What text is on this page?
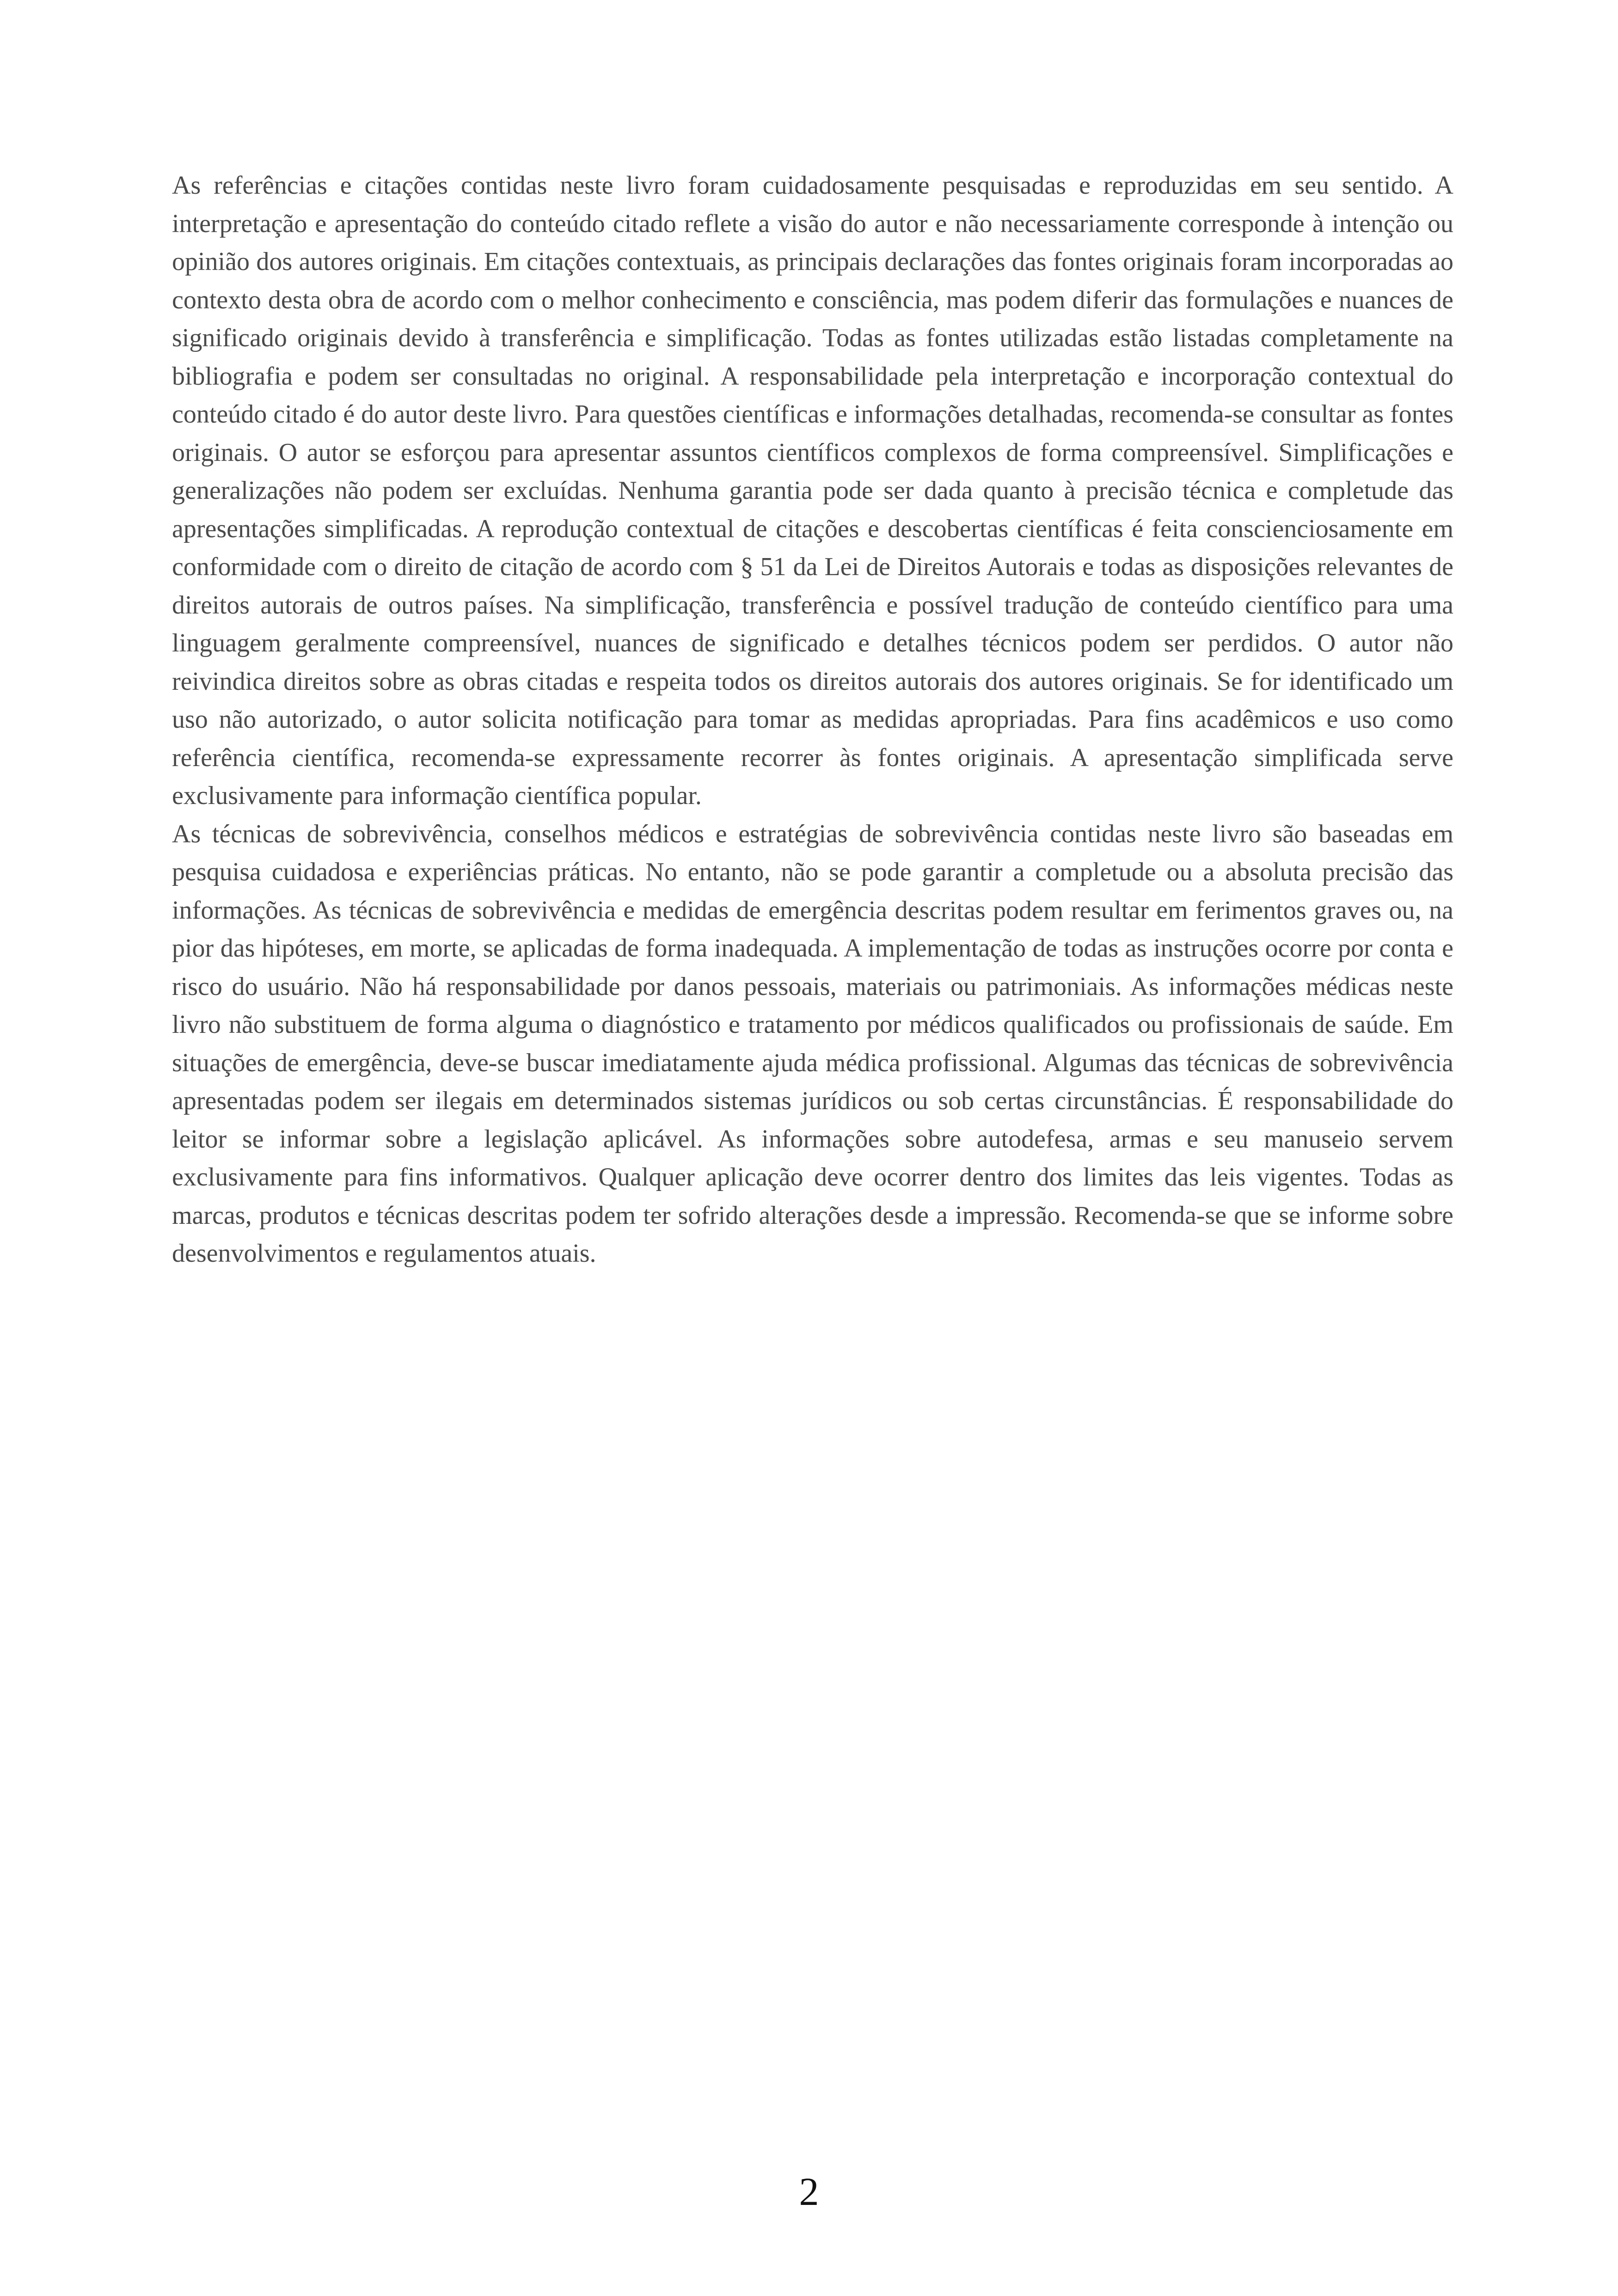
As referências e citações contidas neste livro foram cuidadosamente pesquisadas e reproduzidas em seu sentido. A interpretação e apresentação do conteúdo citado reflete a visão do autor e não necessariamente corresponde à intenção ou opinião dos autores originais. Em citações contextuais, as principais declarações das fontes originais foram incorporadas ao contexto desta obra de acordo com o melhor conhecimento e consciência, mas podem diferir das formulações e nuances de significado originais devido à transferência e simplificação. Todas as fontes utilizadas estão listadas completamente na bibliografia e podem ser consultadas no original. A responsabilidade pela interpretação e incorporação contextual do conteúdo citado é do autor deste livro. Para questões científicas e informações detalhadas, recomenda-se consultar as fontes originais. O autor se esforçou para apresentar assuntos científicos complexos de forma compreensível. Simplificações e generalizações não podem ser excluídas. Nenhuma garantia pode ser dada quanto à precisão técnica e completude das apresentações simplificadas. A reprodução contextual de citações e descobertas científicas é feita conscienciosamente em conformidade com o direito de citação de acordo com § 51 da Lei de Direitos Autorais e todas as disposições relevantes de direitos autorais de outros países. Na simplificação, transferência e possível tradução de conteúdo científico para uma linguagem geralmente compreensível, nuances de significado e detalhes técnicos podem ser perdidos. O autor não reivindica direitos sobre as obras citadas e respeita todos os direitos autorais dos autores originais. Se for identificado um uso não autorizado, o autor solicita notificação para tomar as medidas apropriadas. Para fins acadêmicos e uso como referência científica, recomenda-se expressamente recorrer às fontes originais. A apresentação simplificada serve exclusivamente para informação científica popular.

As técnicas de sobrevivência, conselhos médicos e estratégias de sobrevivência contidas neste livro são baseadas em pesquisa cuidadosa e experiências práticas. No entanto, não se pode garantir a completude ou a absoluta precisão das informações. As técnicas de sobrevivência e medidas de emergência descritas podem resultar em ferimentos graves ou, na pior das hipóteses, em morte, se aplicadas de forma inadequada. A implementação de todas as instruções ocorre por conta e risco do usuário. Não há responsabilidade por danos pessoais, materiais ou patrimoniais. As informações médicas neste livro não substituem de forma alguma o diagnóstico e tratamento por médicos qualificados ou profissionais de saúde. Em situações de emergência, deve-se buscar imediatamente ajuda médica profissional. Algumas das técnicas de sobrevivência apresentadas podem ser ilegais em determinados sistemas jurídicos ou sob certas circunstâncias. É responsabilidade do leitor se informar sobre a legislação aplicável. As informações sobre autodefesa, armas e seu manuseio servem exclusivamente para fins informativos. Qualquer aplicação deve ocorrer dentro dos limites das leis vigentes. Todas as marcas, produtos e técnicas descritas podem ter sofrido alterações desde a impressão. Recomenda-se que se informe sobre desenvolvimentos e regulamentos atuais.

2
